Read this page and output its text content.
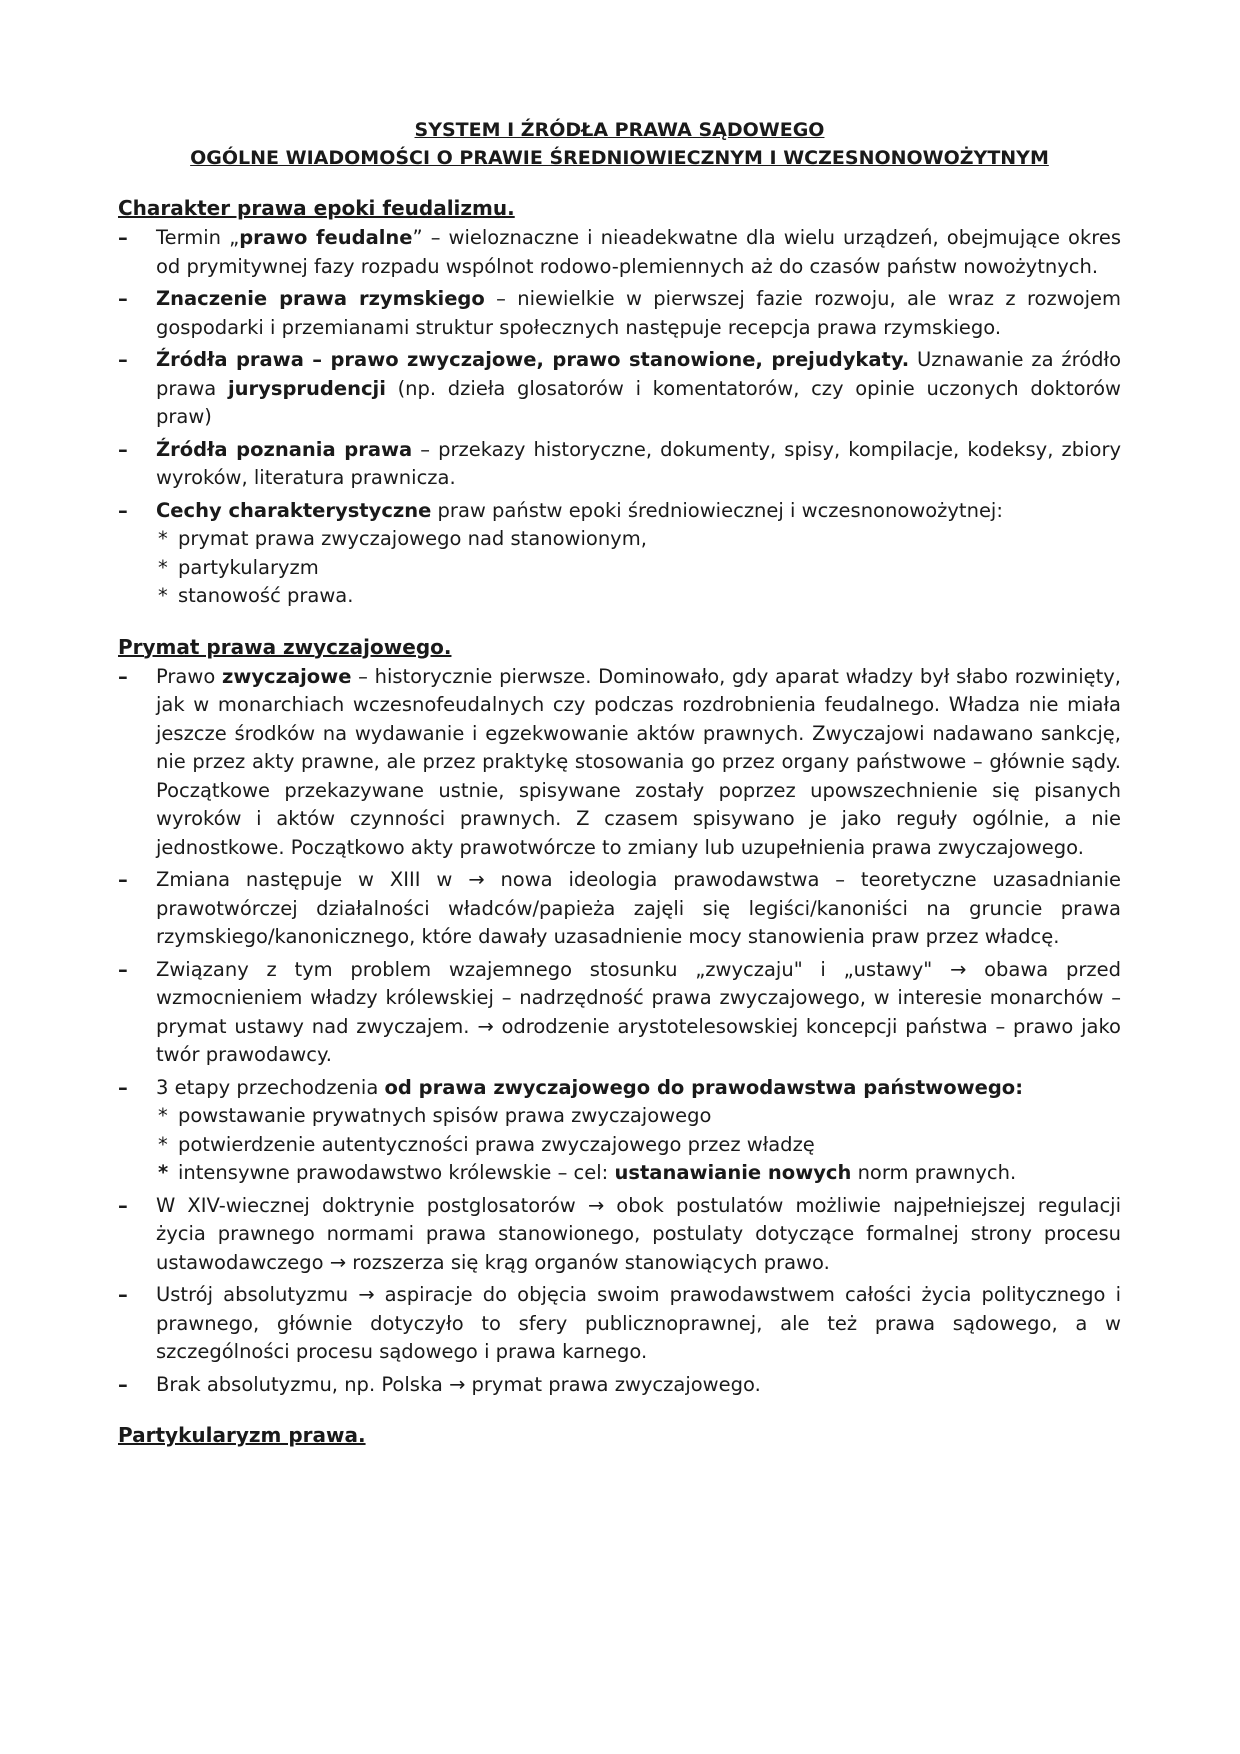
SYSTEM I ŹRÓDŁA PRAWA SĄDOWEGO

OGÓLNE WIADOMOŚCI O PRAWIE ŚREDNIOWIECZNYM I WCZESNONOWOŻYTNYM

Charakter prawa epoki feudalizmu.

– Termin „prawo feudalne” – wieloznaczne i nieadekwatne dla wielu urządzeń, obejmujące okres od prymitywnej fazy rozpadu wspólnot rodowo-plemiennych aż do czasów państw nowożytnych.
– Znaczenie prawa rzymskiego – niewielkie w pierwszej fazie rozwoju, ale wraz z rozwojem gospodarki i przemianami struktur społecznych następuje recepcja prawa rzymskiego.
– Źródła prawa – prawo zwyczajowe, prawo stanowione, prejudykaty. Uznawanie za źródło prawa jurysprudencji (np. dzieła glosatorów i komentatorów, czy opinie uczonych doktorów praw)
– Źródła poznania prawa – przekazy historyczne, dokumenty, spisy, kompilacje, kodeksy, zbiory wyroków, literatura prawnicza.
– Cechy charakterystyczne praw państw epoki średniowiecznej i wczesnonowożytnej:
* prymat prawa zwyczajowego nad stanowionym,
* partykularyzm
* stanowość prawa.

Prymat prawa zwyczajowego.

– Prawo zwyczajowe – historycznie pierwsze. Dominowało, gdy aparat władzy był słabo rozwinięty, jak w monarchiach wczesnofeudalnych czy podczas rozdrobnienia feudalnego. Władza nie miała jeszcze środków na wydawanie i egzekwowanie aktów prawnych. Zwyczajowi nadawano sankcję, nie przez akty prawne, ale przez praktykę stosowania go przez organy państwowe – głównie sądy. Początkowe przekazywane ustnie, spisywane zostały poprzez upowszechnienie się pisanych wyroków i aktów czynności prawnych. Z czasem spisywano je jako reguły ogólnie, a nie jednostkowe. Początkowo akty prawotwórcze to zmiany lub uzupełnienia prawa zwyczajowego.
– Zmiana następuje w XIII w → nowa ideologia prawodawstwa – teoretyczne uzasadnianie prawotwórczej działalności władców/papieża zajęli się legiści/kanoniści na gruncie prawa rzymskiego/kanonicznego, które dawały uzasadnienie mocy stanowienia praw przez władcę.
– Związany z tym problem wzajemnego stosunku „zwyczaju" i „ustawy" → obawa przed wzmocnieniem władzy królewskiej – nadrzędność prawa zwyczajowego, w interesie monarchów – prymat ustawy nad zwyczajem. → odrodzenie arystotelesowskiej koncepcji państwa – prawo jako twór prawodawcy.
– 3 etapy przechodzenia od prawa zwyczajowego do prawodawstwa państwowego:
* powstawanie prywatnych spisów prawa zwyczajowego
* potwierdzenie autentyczności prawa zwyczajowego przez władzę
* intensywne prawodawstwo królewskie – cel: ustanawianie nowych norm prawnych.
– W XIV-wiecznej doktrynie postglosatorów → obok postulatów możliwie najpełniejszej regulacji życia prawnego normami prawa stanowionego, postulaty dotyczące formalnej strony procesu ustawodawczego → rozszerza się krąg organów stanowiących prawo.
– Ustrój absolutyzmu → aspiracje do objęcia swoim prawodawstwem całości życia politycznego i prawnego, głównie dotyczyło to sfery publicznoprawnej, ale też prawa sądowego, a w szczególności procesu sądowego i prawa karnego.
– Brak absolutyzmu, np. Polska → prymat prawa zwyczajowego.

Partykularyzm prawa.
